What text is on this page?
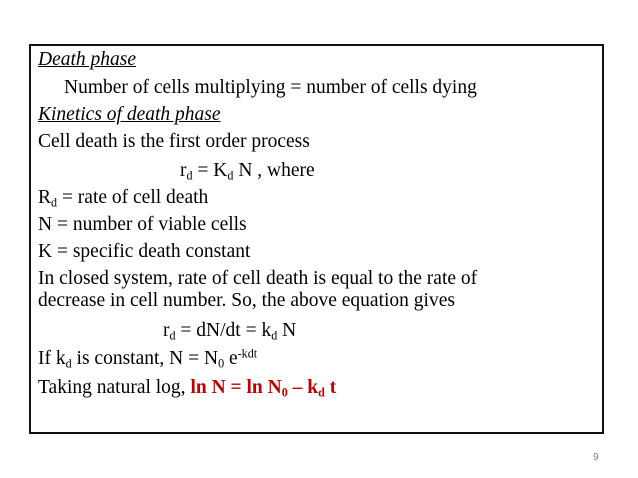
Death phase
Number of cells multiplying = number of cells dying
Kinetics of death phase
Cell death is the first order process
$r_d = K_d$ N , where
$R_d$ = rate of cell death
N = number of viable cells
K = specific death constant
In closed system, rate of cell death is equal to the rate of
decrease in cell number. So, the above equation gives
$r_d = dN/dt = k_d$ N
If $k_d$ is constant, $N = N_0$ $e^{-kdt}$
Taking natural log, $\ln N = \ln N_0 - k_d$ t
9
